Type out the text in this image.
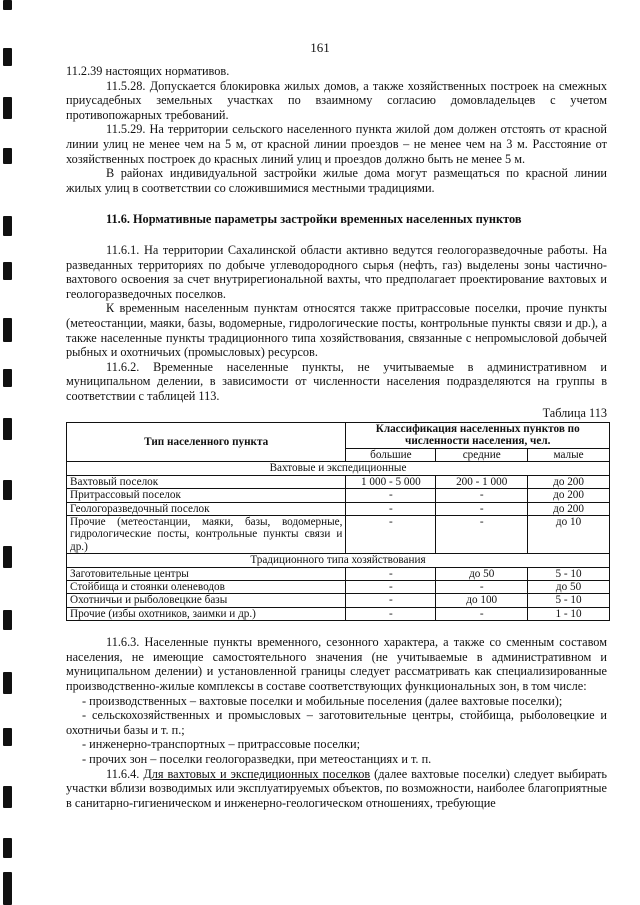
161

11.2.39 настоящих нормативов.

11.5.28. Допускается блокировка жилых домов, а также хозяйственных построек на смежных приусадебных земельных участках по взаимному согласию домовладельцев с учетом противопожарных требований.

11.5.29. На территории сельского населенного пункта жилой дом должен отстоять от красной линии улиц не менее чем на 5 м, от красной линии проездов – не менее чем на 3 м. Расстояние от хозяйственных построек до красных линий улиц и проездов должно быть не менее 5 м.

В районах индивидуальной застройки жилые дома могут размещаться по красной линии жилых улиц в соответствии со сложившимися местными традициями.

11.6. Нормативные параметры застройки временных населенных пунктов

11.6.1. На территории Сахалинской области активно ведутся геологоразведочные работы. На разведанных территориях по добыче углеводородного сырья (нефть, газ) выделены зоны частично-вахтового освоения за счет внутрирегиональной вахты, что предполагает проектирование вахтовых и геологоразведочных поселков.

К временным населенным пунктам относятся также притрассовые поселки, прочие пункты (метеостанции, маяки, базы, водомерные, гидрологические посты, контрольные пункты связи и др.), а также населенные пункты традиционного типа хозяйствования, связанные с непромысловой добычей рыбных и охотничьих (промысловых) ресурсов.

11.6.2. Временные населенные пункты, не учитываемые в административном и муниципальном делении, в зависимости от численности населения подразделяются на группы в соответствии с таблицей 113.

Таблица 113

Тип населенного пункта	Классификация населенных пунктов по численности населения, чел.		
	большие	средние	малые
Вахтовые и экспедиционные			
Вахтовый поселок	1 000 - 5 000	200 - 1 000	до 200
Притрассовый поселок	-	-	до 200
Геологоразведочный поселок	-	-	до 200
Прочие (метеостанции, маяки, базы, водомерные, гидрологические посты, контрольные пункты связи и др.)	-	-	до 10
Традиционного типа хозяйствования			
Заготовительные центры	-	до 50	5 - 10
Стойбища и стоянки оленеводов	-	-	до 50
Охотничьи и рыболовецкие базы	-	до 100	5 - 10
Прочие (избы охотников, заимки и др.)	-	-	1 - 10

11.6.3. Населенные пункты временного, сезонного характера, а также со сменным составом населения, не имеющие самостоятельного значения (не учитываемые в административном и муниципальном делении) и установленной границы следует рассматривать как специализированные производственно-жилые комплексы в составе соответствующих функциональных зон, в том числе:

- производственных – вахтовые поселки и мобильные поселения (далее вахтовые поселки);

- сельскохозяйственных и промысловых – заготовительные центры, стойбища, рыболовецкие и охотничьи базы и т. п.;

- инженерно-транспортных – притрассовые поселки;

- прочих зон – поселки геологоразведки, при метеостанциях и т. п.

11.6.4. Для вахтовых и экспедиционных поселков (далее вахтовые поселки) следует выбирать участки вблизи возводимых или эксплуатируемых объектов, по возможности, наиболее благоприятные в санитарно-гигиеническом и инженерно-геологическом отношениях, требующие
